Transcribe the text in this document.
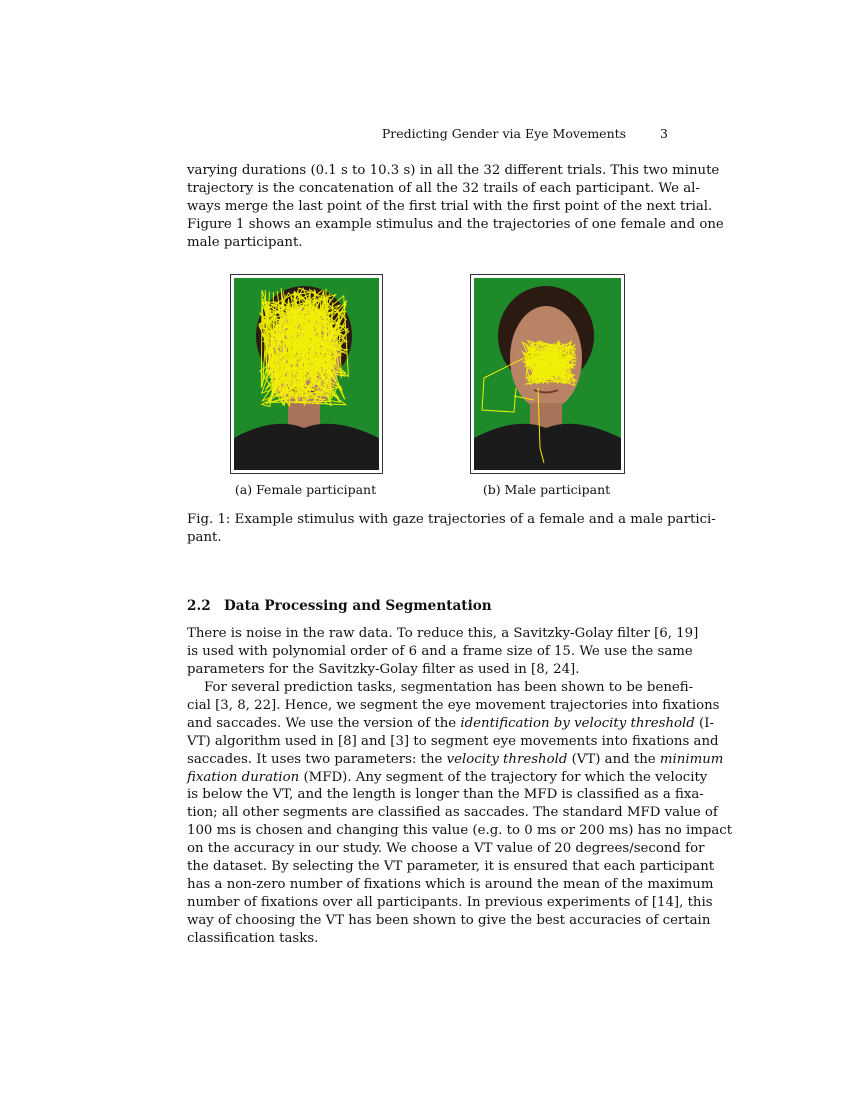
Predicting Gender via Eye Movements	3

varying durations (0.1 s to 10.3 s) in all the 32 different trials. This two minute
trajectory is the concatenation of all the 32 trails of each participant. We al-
ways merge the last point of the first trial with the first point of the next trial.
Figure 1 shows an example stimulus and the trajectories of one female and one
male participant.

(a) Female participant	(b) Male participant

Fig. 1: Example stimulus with gaze trajectories of a female and a male partici-
pant.

2.2 Data Processing and Segmentation

There is noise in the raw data. To reduce this, a Savitzky-Golay filter [6, 19]
is used with polynomial order of 6 and a frame size of 15. We use the same
parameters for the Savitzky-Golay filter as used in [8, 24].

For several prediction tasks, segmentation has been shown to be benefi-
cial [3, 8, 22]. Hence, we segment the eye movement trajectories into fixations
and saccades. We use the version of the identification by velocity threshold (I-
VT) algorithm used in [8] and [3] to segment eye movements into fixations and
saccades. It uses two parameters: the velocity threshold (VT) and the minimum
fixation duration (MFD). Any segment of the trajectory for which the velocity
is below the VT, and the length is longer than the MFD is classified as a fixa-
tion; all other segments are classified as saccades. The standard MFD value of
100 ms is chosen and changing this value (e.g. to 0 ms or 200 ms) has no impact
on the accuracy in our study. We choose a VT value of 20 degrees/second for
the dataset. By selecting the VT parameter, it is ensured that each participant
has a non-zero number of fixations which is around the mean of the maximum
number of fixations over all participants. In previous experiments of [14], this
way of choosing the VT has been shown to give the best accuracies of certain
classification tasks.
